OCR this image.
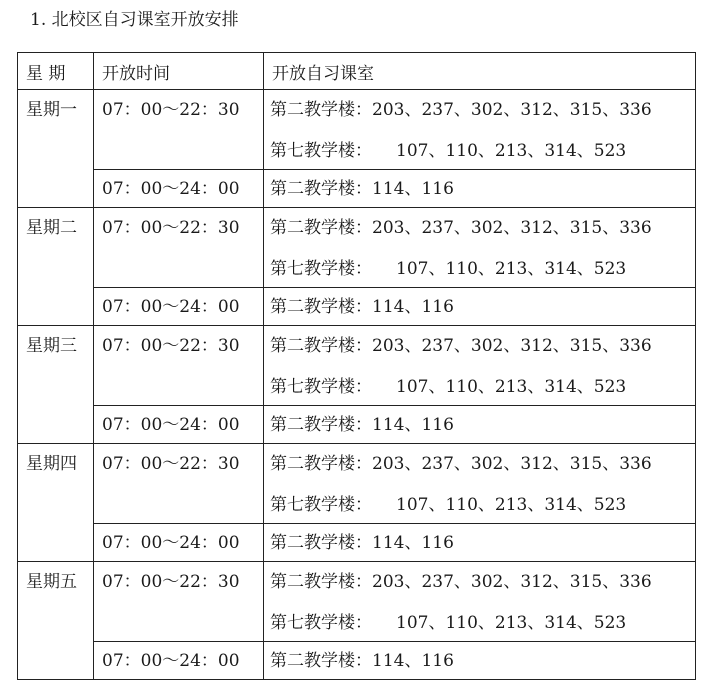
1. 北校区自习课室开放安排
星 期	开放时间	开放自习课室

星期一	07：00～22：30	第二教学楼：203、237、302、312、315、336
第七教学楼： 107、110、213、314、523

	07：00～24：00	第二教学楼：114、116

星期二	07：00～22：30	第二教学楼：203、237、302、312、315、336
第七教学楼： 107、110、213、314、523

	07：00～24：00	第二教学楼：114、116

星期三	07：00～22：30	第二教学楼：203、237、302、312、315、336
第七教学楼： 107、110、213、314、523

	07：00～24：00	第二教学楼：114、116

星期四	07：00～22：30	第二教学楼：203、237、302、312、315、336
第七教学楼： 107、110、213、314、523

	07：00～24：00	第二教学楼：114、116

星期五	07：00～22：30	第二教学楼：203、237、302、312、315、336
第七教学楼： 107、110、213、314、523

	07：00～24：00	第二教学楼：114、116
